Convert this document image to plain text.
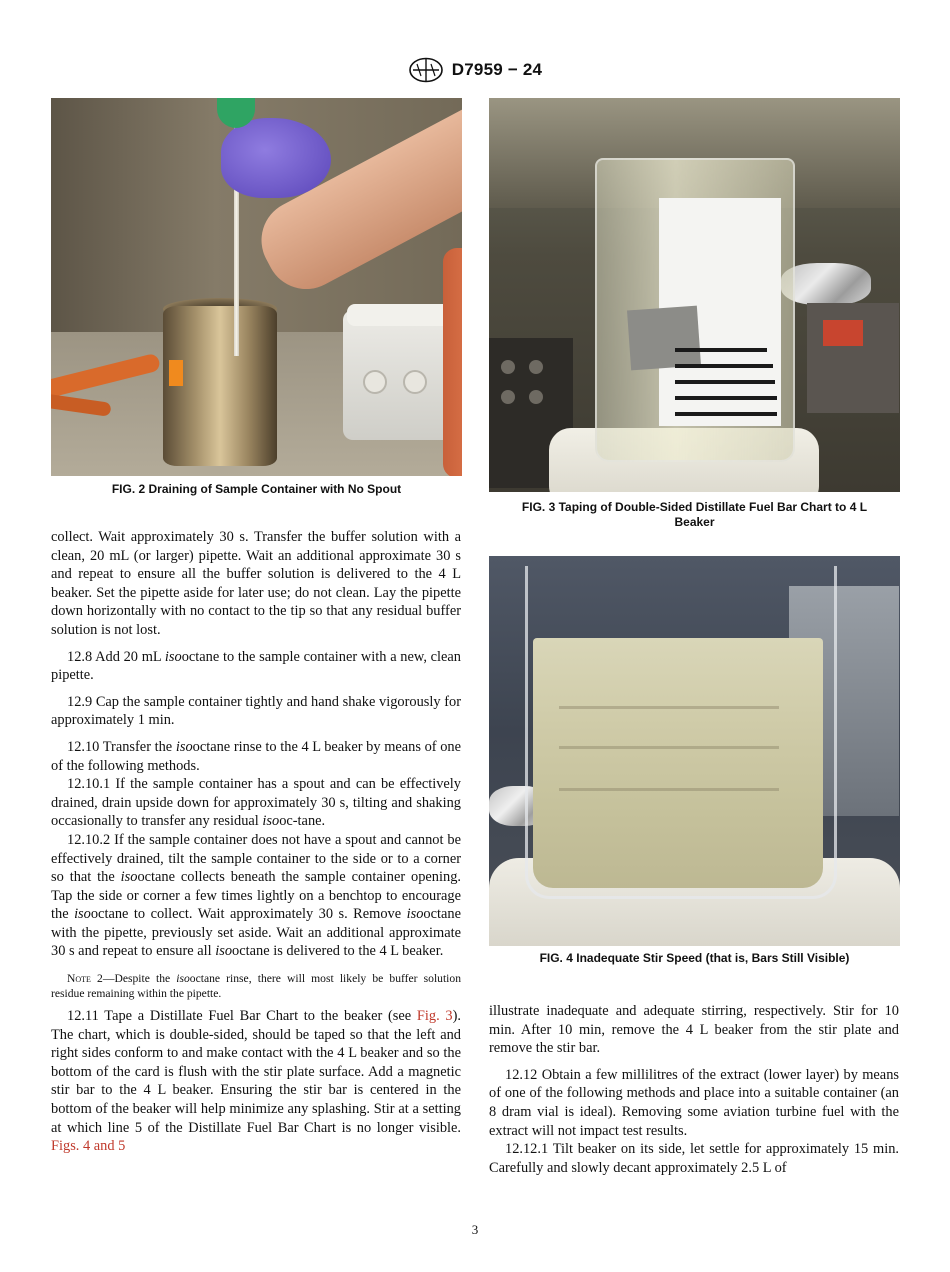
D7959 − 24
FIG. 2 Draining of Sample Container with No Spout
FIG. 3 Taping of Double-Sided Distillate Fuel Bar Chart to 4 L
Beaker
FIG. 4 Inadequate Stir Speed (that is, Bars Still Visible)

collect. Wait approximately 30 s. Transfer the buffer solution with a clean, 20 mL (or larger) pipette. Wait an additional approximate 30 s and repeat to ensure all the buffer solution is delivered to the 4 L beaker. Set the pipette aside for later use; do not clean. Lay the pipette down horizontally with no contact to the tip so that any residual buffer solution is not lost.

12.8 Add 20 mL isooctane to the sample container with a new, clean pipette.

12.9 Cap the sample container tightly and hand shake vigorously for approximately 1 min.

12.10 Transfer the isooctane rinse to the 4 L beaker by means of one of the following methods.

12.10.1 If the sample container has a spout and can be effectively drained, drain upside down for approximately 30 s, tilting and shaking occasionally to transfer any residual isooc-tane.

12.10.2 If the sample container does not have a spout and cannot be effectively drained, tilt the sample container to the side or to a corner so that the isooctane collects beneath the sample container opening. Tap the side or corner a few times lightly on a benchtop to encourage the isooctane to collect. Wait approximately 30 s. Remove isooctane with the pipette, previously set aside. Wait an additional approximate 30 s and repeat to ensure all isooctane is delivered to the 4 L beaker.

Note 2—Despite the isooctane rinse, there will most likely be buffer solution residue remaining within the pipette.

12.11 Tape a Distillate Fuel Bar Chart to the beaker (see Fig. 3). The chart, which is double-sided, should be taped so that the left and right sides conform to and make contact with the 4 L beaker and so the bottom of the card is flush with the stir plate surface. Add a magnetic stir bar to the 4 L beaker. Ensuring the stir bar is centered in the bottom of the beaker will help minimize any splashing. Stir at a setting at which line 5 of the Distillate Fuel Bar Chart is no longer visible. Figs. 4 and 5

illustrate inadequate and adequate stirring, respectively. Stir for 10 min. After 10 min, remove the 4 L beaker from the stir plate and remove the stir bar.

12.12 Obtain a few millilitres of the extract (lower layer) by means of one of the following methods and place into a suitable container (an 8 dram vial is ideal). Removing some aviation turbine fuel with the extract will not impact test results.

12.12.1 Tilt beaker on its side, let settle for approximately 15 min. Carefully and slowly decant approximately 2.5 L of

3
